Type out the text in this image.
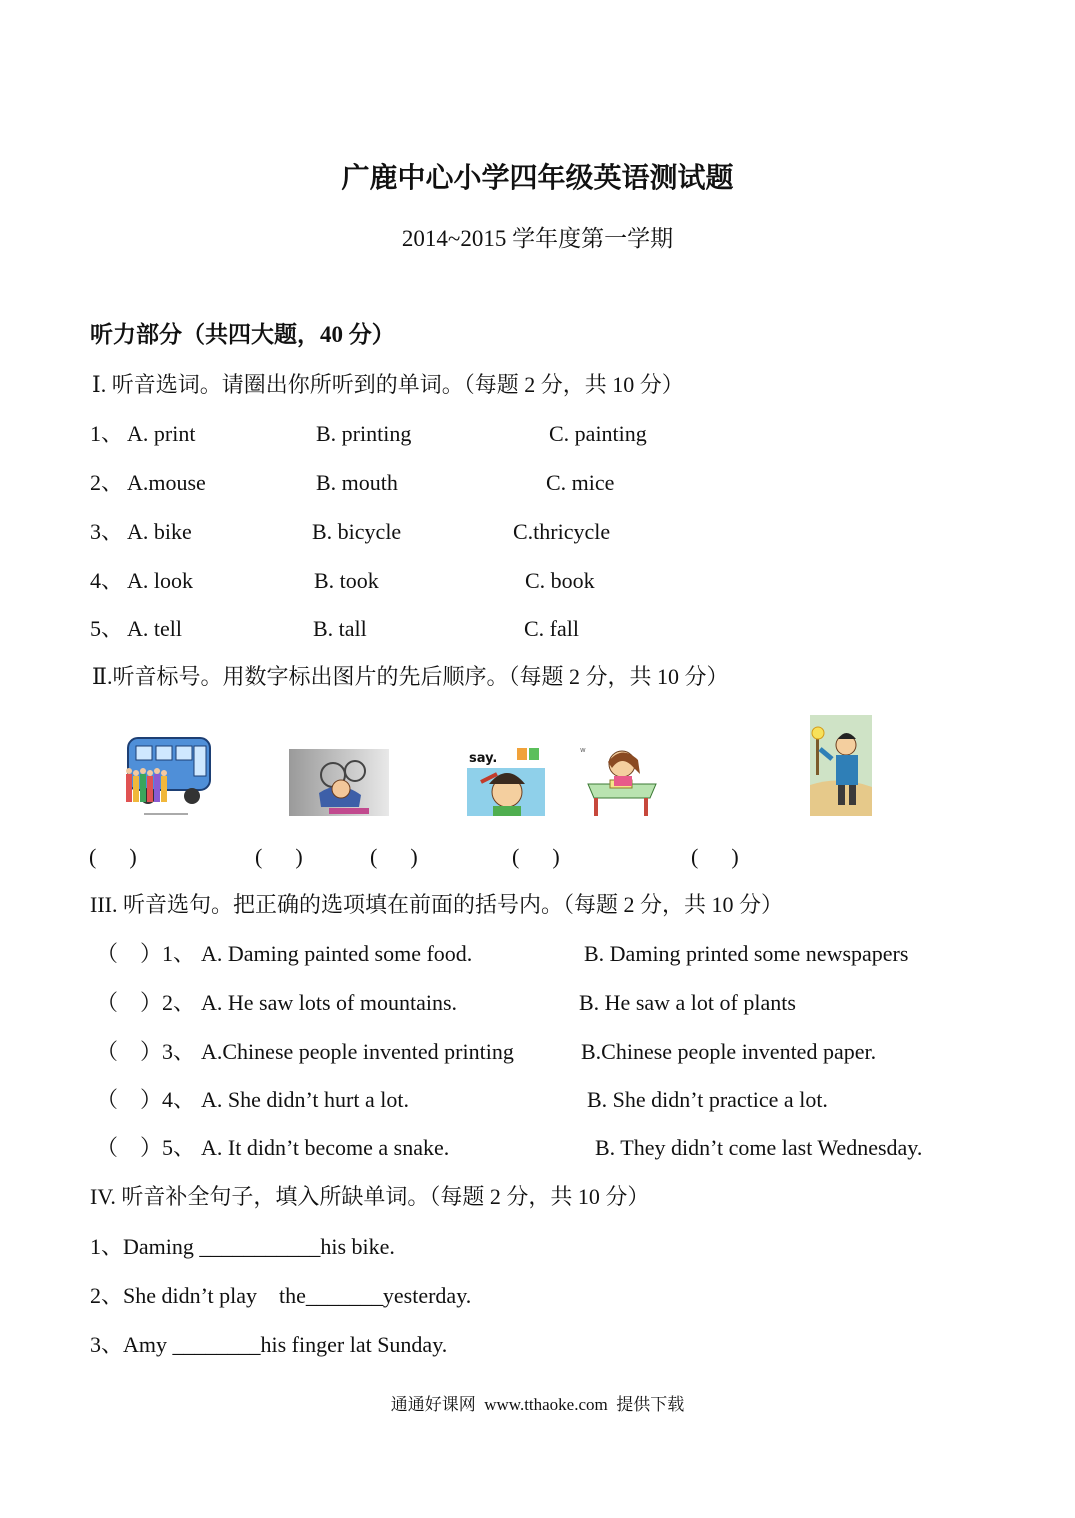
广鹿中心小学四年级英语测试题
2014~2015 学年度第一学期
听力部分（共四大题，40 分）
Ⅰ. 听音选词。请圈出你所听到的单词。（每题 2 分，共 10 分）
1、 A. print	B. printing	C. painting
2、 A.mouse	B. mouth	C. mice
3、 A. bike	B. bicycle	C.thricycle
4、 A. look	B. took	C. book
5、 A. tell	B. tall	C. fall
Ⅱ.听音标号。用数字标出图片的先后顺序。（每题 2 分，共 10 分）
say.
w
(      )	(      )	(      )	(      )	(      )
III. 听音选句。把正确的选项填在前面的括号内。（每题 2 分，共 10 分）
（    ）1、 A. Daming painted some food.	B. Daming printed some newspapers
（    ）2、 A. He saw lots of mountains.	B. He saw a lot of plants
（    ）3、 A.Chinese people invented printing	B.Chinese people invented paper.
（    ）4、 A. She didn’t hurt a lot.	B. She didn’t practice a lot.
（    ）5、 A. It didn’t become a snake.	B. They didn’t come last Wednesday.
IV. 听音补全句子，填入所缺单词。（每题 2 分，共 10 分）
1、Daming ___________his bike.
2、She didn’t play    the_______yesterday.
3、Amy ________his finger lat Sunday.
通通好课网  www.tthaoke.com  提供下载
